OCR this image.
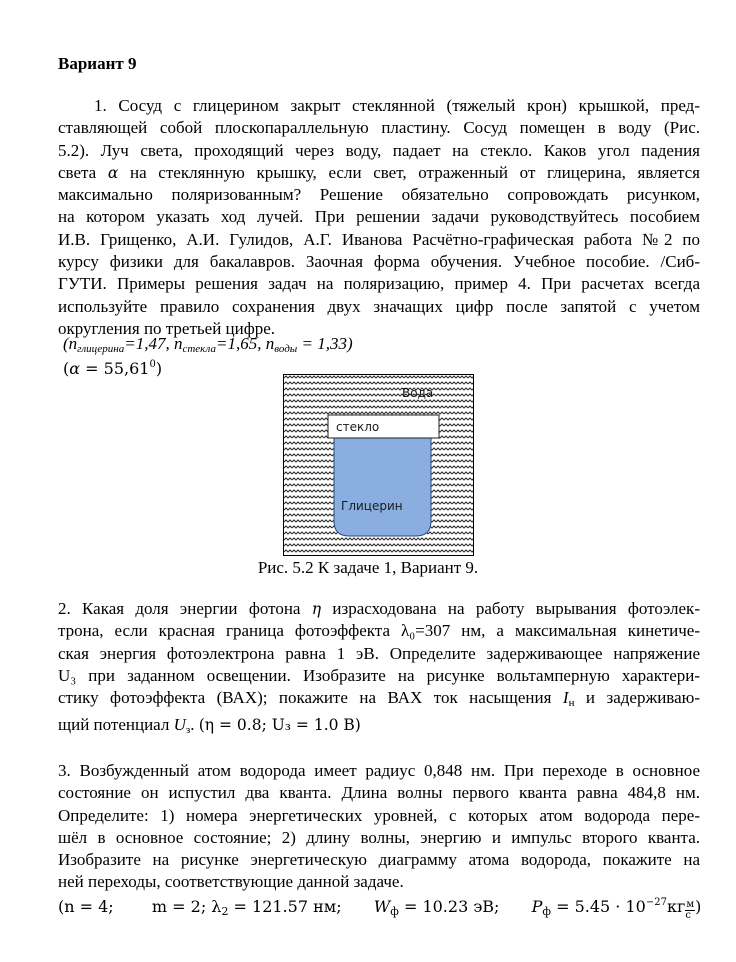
Вариант 9
1. Сосуд с глицерином закрыт стеклянной (тяжелый крон) крышкой, пред-
ставляющей собой плоскопараллельную пластину. Сосуд помещен в воду (Рис.
5.2). Луч света, проходящий через воду, падает на стекло. Каков угол падения
света α на стеклянную крышку, если свет, отраженный от глицерина, является
максимально поляризованным? Решение обязательно сопровождать рисунком,
на котором указать ход лучей. При решении задачи руководствуйтесь пособием
И.В. Грищенко, А.И. Гулидов, А.Г. Иванова Расчётно-графическая работа №2 по
курсу физики для бакалавров. Заочная форма обучения. Учебное пособие. /Сиб-
ГУТИ. Примеры решения задач на поляризацию, пример 4. При расчетах всегда
используйте правило сохранения двух значащих цифр после запятой с учетом
округления по третьей цифре.
($n_{глицерина}=1,47$, $n_{стекла}=1,65$, $n_{воды} = 1,33$)
$(\alpha = 55,61^0)$
Вода
стекло
Глицерин
Рис. 5.2 К задаче 1, Вариант 9.
2. Какая доля энергии фотона η израсходована на работу вырывания фотоэлек-
трона, если красная граница фотоэффекта λ₀=307 нм, а максимальная кинетиче-
ская энергия фотоэлектрона равна 1 эВ. Определите задерживающее напряжение
U₃ при заданном освещении. Изобразите на рисунке вольтамперную характери-
стику фотоэффекта (ВАХ); покажите на ВАХ ток насыщения Iн и задерживаю-
щий потенциал Uз. (η = 0.8; U₃ = 1.0 В)
3. Возбужденный атом водорода имеет радиус 0,848 нм. При переходе в основное
состояние он испустил два кванта. Длина волны первого кванта равна 484,8 нм.
Определите: 1) номера энергетических уровней, с которых атом водорода пере-
шёл в основное состояние; 2) длину волны, энергию и импульс второго кванта.
Изобразите на рисунке энергетическую диаграмму атома водорода, покажите на
ней переходы, соответствующие данной задаче.
(n = 4; m = 2; λ2 = 121.57 нм; Wф = 10.23 эВ; Pф = $5.45 \cdot 10^{-27}кг \frac{м}{с}$ )
